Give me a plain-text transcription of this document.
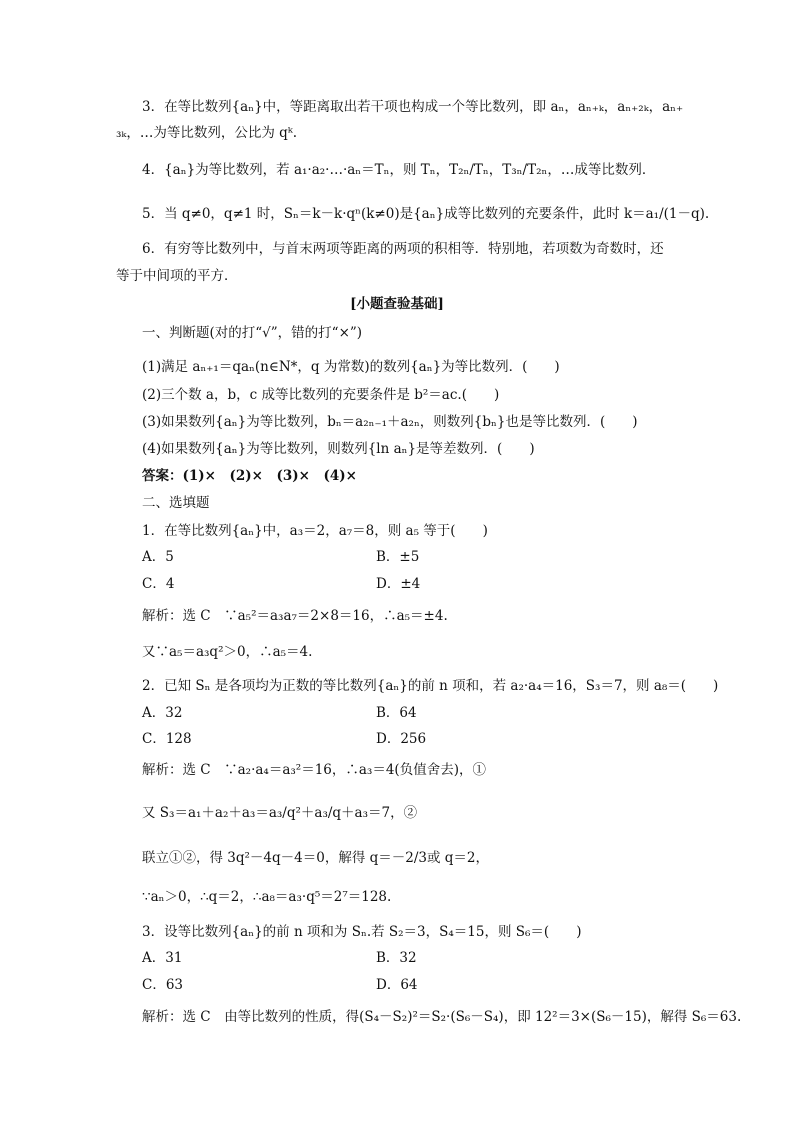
3．在等比数列{aₙ}中，等距离取出若干项也构成一个等比数列，即 aₙ，aₙ₊ₖ，aₙ₊₂ₖ，aₙ₊
₃ₖ，…为等比数列，公比为 qᵏ.
4．{aₙ}为等比数列，若 a₁·a₂·…·aₙ＝Tₙ，则 Tₙ，T₂ₙ/Tₙ，T₃ₙ/T₂ₙ，…成等比数列．
5．当 q≠0，q≠1 时，Sₙ＝k－k·qⁿ(k≠0)是{aₙ}成等比数列的充要条件，此时 k＝a₁/(1－q).
6．有穷等比数列中，与首末两项等距离的两项的积相等．特别地，若项数为奇数时，还
等于中间项的平方．
[小题查验基础]
一、判断题(对的打“√”，错的打“×”)
(1)满足 aₙ₊₁＝qaₙ(n∈N*，q 为常数)的数列{aₙ}为等比数列．(　　)
(2)三个数 a，b，c 成等比数列的充要条件是 b²＝ac.(　　)
(3)如果数列{aₙ}为等比数列，bₙ＝a₂ₙ₋₁＋a₂ₙ，则数列{bₙ}也是等比数列．(　　)
(4)如果数列{aₙ}为等比数列，则数列{ln aₙ}是等差数列．(　　)
答案：(1)×　(2)×　(3)×　(4)×
二、选填题
1．在等比数列{aₙ}中，a₃＝2，a₇＝8，则 a₅ 等于(　　)
A．5	B．±5
C．4	D．±4
解析：选 C　∵a₅²＝a₃a₇＝2×8＝16，∴a₅＝±4.
又∵a₅＝a₃q²＞0，∴a₅＝4.
2．已知 Sₙ 是各项均为正数的等比数列{aₙ}的前 n 项和，若 a₂·a₄＝16，S₃＝7，则 a₈＝(　　)
A．32	B．64
C．128	D．256
解析：选 C　∵a₂·a₄＝a₃²＝16，∴a₃＝4(负值舍去)，①
又 S₃＝a₁＋a₂＋a₃＝a₃/q²＋a₃/q＋a₃＝7，②
联立①②，得 3q²－4q－4＝0，解得 q＝－2/3或 q＝2，
∵aₙ＞0，∴q＝2，∴a₈＝a₃·q⁵＝2⁷＝128.
3．设等比数列{aₙ}的前 n 项和为 Sₙ.若 S₂＝3，S₄＝15，则 S₆＝(　　)
A．31	B．32
C．63	D．64
解析：选 C　由等比数列的性质，得(S₄－S₂)²＝S₂·(S₆－S₄)，即 12²＝3×(S₆－15)，解得 S₆＝63.
